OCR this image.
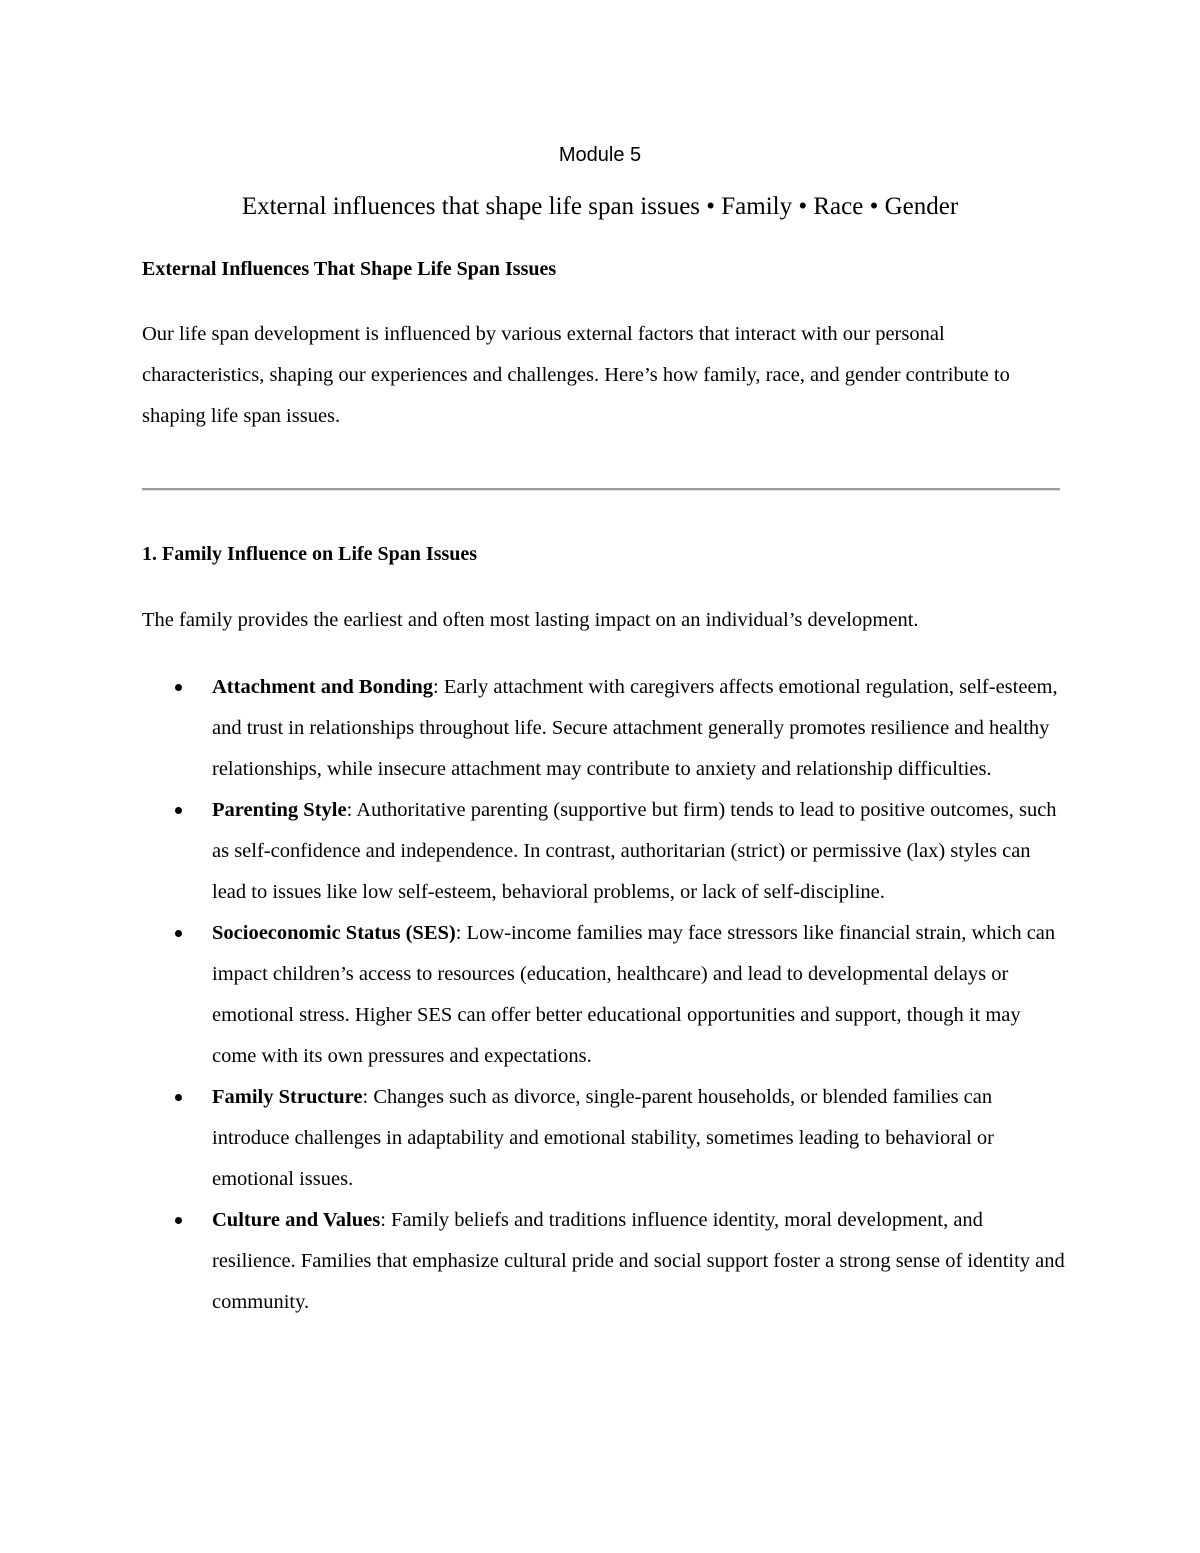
Module 5
External influences that shape life span issues • Family • Race • Gender
External Influences That Shape Life Span Issues
Our life span development is influenced by various external factors that interact with our personal characteristics, shaping our experiences and challenges. Here’s how family, race, and gender contribute to shaping life span issues.
1. Family Influence on Life Span Issues
The family provides the earliest and often most lasting impact on an individual’s development.
Attachment and Bonding: Early attachment with caregivers affects emotional regulation, self-esteem, and trust in relationships throughout life. Secure attachment generally promotes resilience and healthy relationships, while insecure attachment may contribute to anxiety and relationship difficulties.
Parenting Style: Authoritative parenting (supportive but firm) tends to lead to positive outcomes, such as self-confidence and independence. In contrast, authoritarian (strict) or permissive (lax) styles can lead to issues like low self-esteem, behavioral problems, or lack of self-discipline.
Socioeconomic Status (SES): Low-income families may face stressors like financial strain, which can impact children’s access to resources (education, healthcare) and lead to developmental delays or emotional stress. Higher SES can offer better educational opportunities and support, though it may come with its own pressures and expectations.
Family Structure: Changes such as divorce, single-parent households, or blended families can introduce challenges in adaptability and emotional stability, sometimes leading to behavioral or emotional issues.
Culture and Values: Family beliefs and traditions influence identity, moral development, and resilience. Families that emphasize cultural pride and social support foster a strong sense of identity and community.
